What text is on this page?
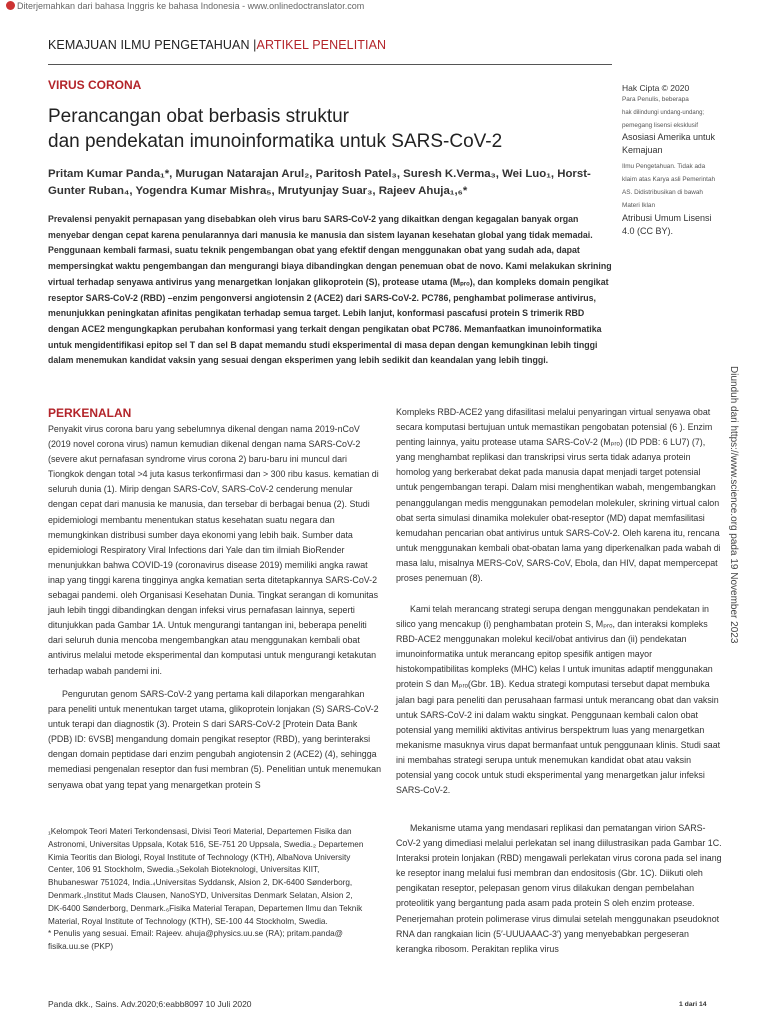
Diterjemahkan dari bahasa Inggris ke bahasa Indonesia - www.onlinedoctranslator.com
KEMAJUAN ILMU PENGETAHUAN |ARTIKEL PENELITIAN
VIRUS CORONA
Perancangan obat berbasis struktur
dan pendekatan imunoinformatika untuk SARS-CoV-2
Pritam Kumar Panda₁*, Murugan Natarajan Arul₂, Paritosh Patel₃, Suresh K.Verma₃, Wei Luo₁, Horst-Gunter Ruban₄, Yogendra Kumar Mishra₅, Mrutyunjay Suar₃, Rajeev Ahuja₁,₆*
Prevalensi penyakit pernapasan yang disebabkan oleh virus baru SARS-CoV-2 yang dikaitkan dengan kegagalan banyak organ menyebar dengan cepat karena penularannya dari manusia ke manusia dan sistem layanan kesehatan global yang tidak memadai. Penggunaan kembali farmasi, suatu teknik pengembangan obat yang efektif dengan menggunakan obat yang sudah ada, dapat mempersingkat waktu pengembangan dan mengurangi biaya dibandingkan dengan penemuan obat de novo. Kami melakukan skrining virtual terhadap senyawa antivirus yang menargetkan lonjakan glikoprotein (S), protease utama (Mₚᵣₒ), dan kompleks domain pengikat reseptor SARS-CoV-2 (RBD) –enzim pengonversi angiotensin 2 (ACE2) dari SARS-CoV-2. PC786, penghambat polimerase antivirus, menunjukkan peningkatan afinitas pengikatan terhadap semua target. Lebih lanjut, konformasi pascafusi protein S trimerik RBD dengan ACE2 mengungkapkan perubahan konformasi yang terkait dengan pengikatan obat PC786. Memanfaatkan imunoinformatika untuk mengidentifikasi epitop sel T dan sel B dapat memandu studi eksperimental di masa depan dengan kemungkinan lebih tinggi dalam menemukan kandidat vaksin yang sesuai dengan eksperimen yang lebih sedikit dan keandalan yang lebih tinggi.
Hak Cipta © 2020
Para Penulis, beberapa
hak dilindungi undang-undang;
pemegang lisensi eksklusif
Asosiasi Amerika untuk Kemajuan
Ilmu Pengetahuan. Tidak ada klaim atas Karya asli Pemerintah AS. Didistribusikan di bawah Materi Iklan
Atribusi Umum Lisensi 4.0 (CC BY).
Diunduh dari https://www.science.org pada 19 November 2023
PERKENALAN
Penyakit virus corona baru yang sebelumnya dikenal dengan nama 2019-nCoV (2019 novel corona virus) namun kemudian dikenal dengan nama SARS-CoV-2 (severe akut pernafasan syndrome virus corona 2) baru-baru ini muncul dari Tiongkok dengan total >4 juta kasus terkonfirmasi dan > 300 ribu kasus. kematian di seluruh dunia (1). Mirip dengan SARS-CoV, SARS-CoV-2 cenderung menular dengan cepat dari manusia ke manusia, dan tersebar di berbagai benua (2). Studi epidemiologi membantu menentukan status kesehatan suatu negara dan memungkinkan distribusi sumber daya ekonomi yang lebih baik. Sumber data epidemiologi Respiratory Viral Infections dari Yale dan tim ilmiah BioRender menunjukkan bahwa COVID-19 (coronavirus disease 2019) memiliki angka rawat inap yang tinggi karena tingginya angka kematian serta ditetapkannya SARS-CoV-2 sebagai pandemi. oleh Organisasi Kesehatan Dunia. Tingkat serangan di komunitas jauh lebih tinggi dibandingkan dengan infeksi virus pernafasan lainnya, seperti ditunjukkan pada Gambar 1A. Untuk mengurangi tantangan ini, beberapa peneliti dari seluruh dunia mencoba mengembangkan atau menggunakan kembali obat antivirus melalui metode eksperimental dan komputasi untuk mengurangi ketakutan terhadap wabah pandemi ini.
Pengurutan genom SARS-CoV-2 yang pertama kali dilaporkan mengarahkan para peneliti untuk menentukan target utama, glikoprotein lonjakan (S) SARS-CoV-2 untuk terapi dan diagnostik (3). Protein S dari SARS-CoV-2 [Protein Data Bank (PDB) ID: 6VSB] mengandung domain pengikat reseptor (RBD), yang berinteraksi dengan domain peptidase dari enzim pengubah angiotensin 2 (ACE2) (4), sehingga memediasi pengenalan reseptor dan fusi membran (5). Penelitian untuk menemukan senyawa obat yang tepat yang menargetkan protein S
Kompleks RBD-ACE2 yang difasilitasi melalui penyaringan virtual senyawa obat secara komputasi bertujuan untuk memastikan pengobatan potensial (6 ). Enzim penting lainnya, yaitu protease utama SARS-CoV-2 (Mₚᵣₒ) (ID PDB: 6 LU7) (7), yang menghambat replikasi dan transkripsi virus serta tidak adanya protein homolog yang berkerabat dekat pada manusia dapat menjadi target potensial untuk pengembangan terapi. Dalam misi menghentikan wabah, mengembangkan penanggulangan medis menggunakan pemodelan molekuler, skrining virtual calon obat serta simulasi dinamika molekuler obat-reseptor (MD) dapat memfasilitasi kemudahan pencarian obat antivirus untuk SARS-CoV-2. Oleh karena itu, rencana untuk menggunakan kembali obat-obatan lama yang diperkenalkan pada wabah di masa lalu, misalnya MERS-CoV, SARS-CoV, Ebola, dan HIV, dapat mempercepat proses penemuan (8).
Kami telah merancang strategi serupa dengan menggunakan pendekatan in silico yang mencakup (i) penghambatan protein S, Mₚᵣₒ, dan interaksi kompleks RBD-ACE2 menggunakan molekul kecil/obat antivirus dan (ii) pendekatan imunoinformatika untuk merancang epitop spesifik antigen mayor histokompatibilitas kompleks (MHC) kelas I untuk imunitas adaptif menggunakan protein S dan Mₚᵣₒ(Gbr. 1B). Kedua strategi komputasi tersebut dapat membuka jalan bagi para peneliti dan perusahaan farmasi untuk merancang obat dan vaksin untuk SARS-CoV-2 ini dalam waktu singkat. Penggunaan kembali calon obat potensial yang memiliki aktivitas antivirus berspektrum luas yang menargetkan mekanisme masuknya virus dapat bermanfaat untuk penggunaan klinis. Studi saat ini membahas strategi serupa untuk menemukan kandidat obat atau vaksin potensial yang cocok untuk studi eksperimental yang menargetkan jalur infeksi SARS-CoV-2.
Mekanisme utama yang mendasari replikasi dan pematangan virion SARS-CoV-2 yang dimediasi melalui perlekatan sel inang diilustrasikan pada Gambar 1C. Interaksi protein lonjakan (RBD) mengawali perlekatan virus corona pada sel inang ke reseptor inang melalui fusi membran dan endositosis (Gbr. 1C). Diikuti oleh pengikatan reseptor, pelepasan genom virus dilakukan dengan pembelahan proteolitik yang bergantung pada asam pada protein S oleh enzim protease. Penerjemahan protein polimerase virus dimulai setelah menggunakan pseudoknot RNA dan rangkaian licin (5′-UUUAAAC-3′) yang menyebabkan pergeseran kerangka ribosom. Perakitan replika virus
₁Kelompok Teori Materi Terkondensasi, Divisi Teori Material, Departemen Fisika dan Astronomi, Universitas Uppsala, Kotak 516, SE-751 20 Uppsala, Swedia.₂ Departemen Kimia Teoritis dan Biologi, Royal Institute of Technology (KTH), AlbaNova University Center, 106 91 Stockholm, Swedia.₃Sekolah Bioteknologi, Universitas KIIT, Bhubaneswar 751024, India.₄Universitas Syddansk, Alsion 2, DK-6400 Sønderborg, Denmark.₅Institut Mads Clausen, NanoSYD, Universitas Denmark Selatan, Alsion 2, DK-6400 Sønderborg, Denmark.₆Fisika Material Terapan, Departemen Ilmu dan Teknik Material, Royal Institute of Technology (KTH), SE-100 44 Stockholm, Swedia.
* Penulis yang sesuai. Email: Rajeev. ahuja@physics.uu.se (RA); pritam.panda@ fisika.uu.se (PKP)
Panda dkk., Sains. Adv.2020;6:eabb8097 10 Juli 2020	1 dari 14
